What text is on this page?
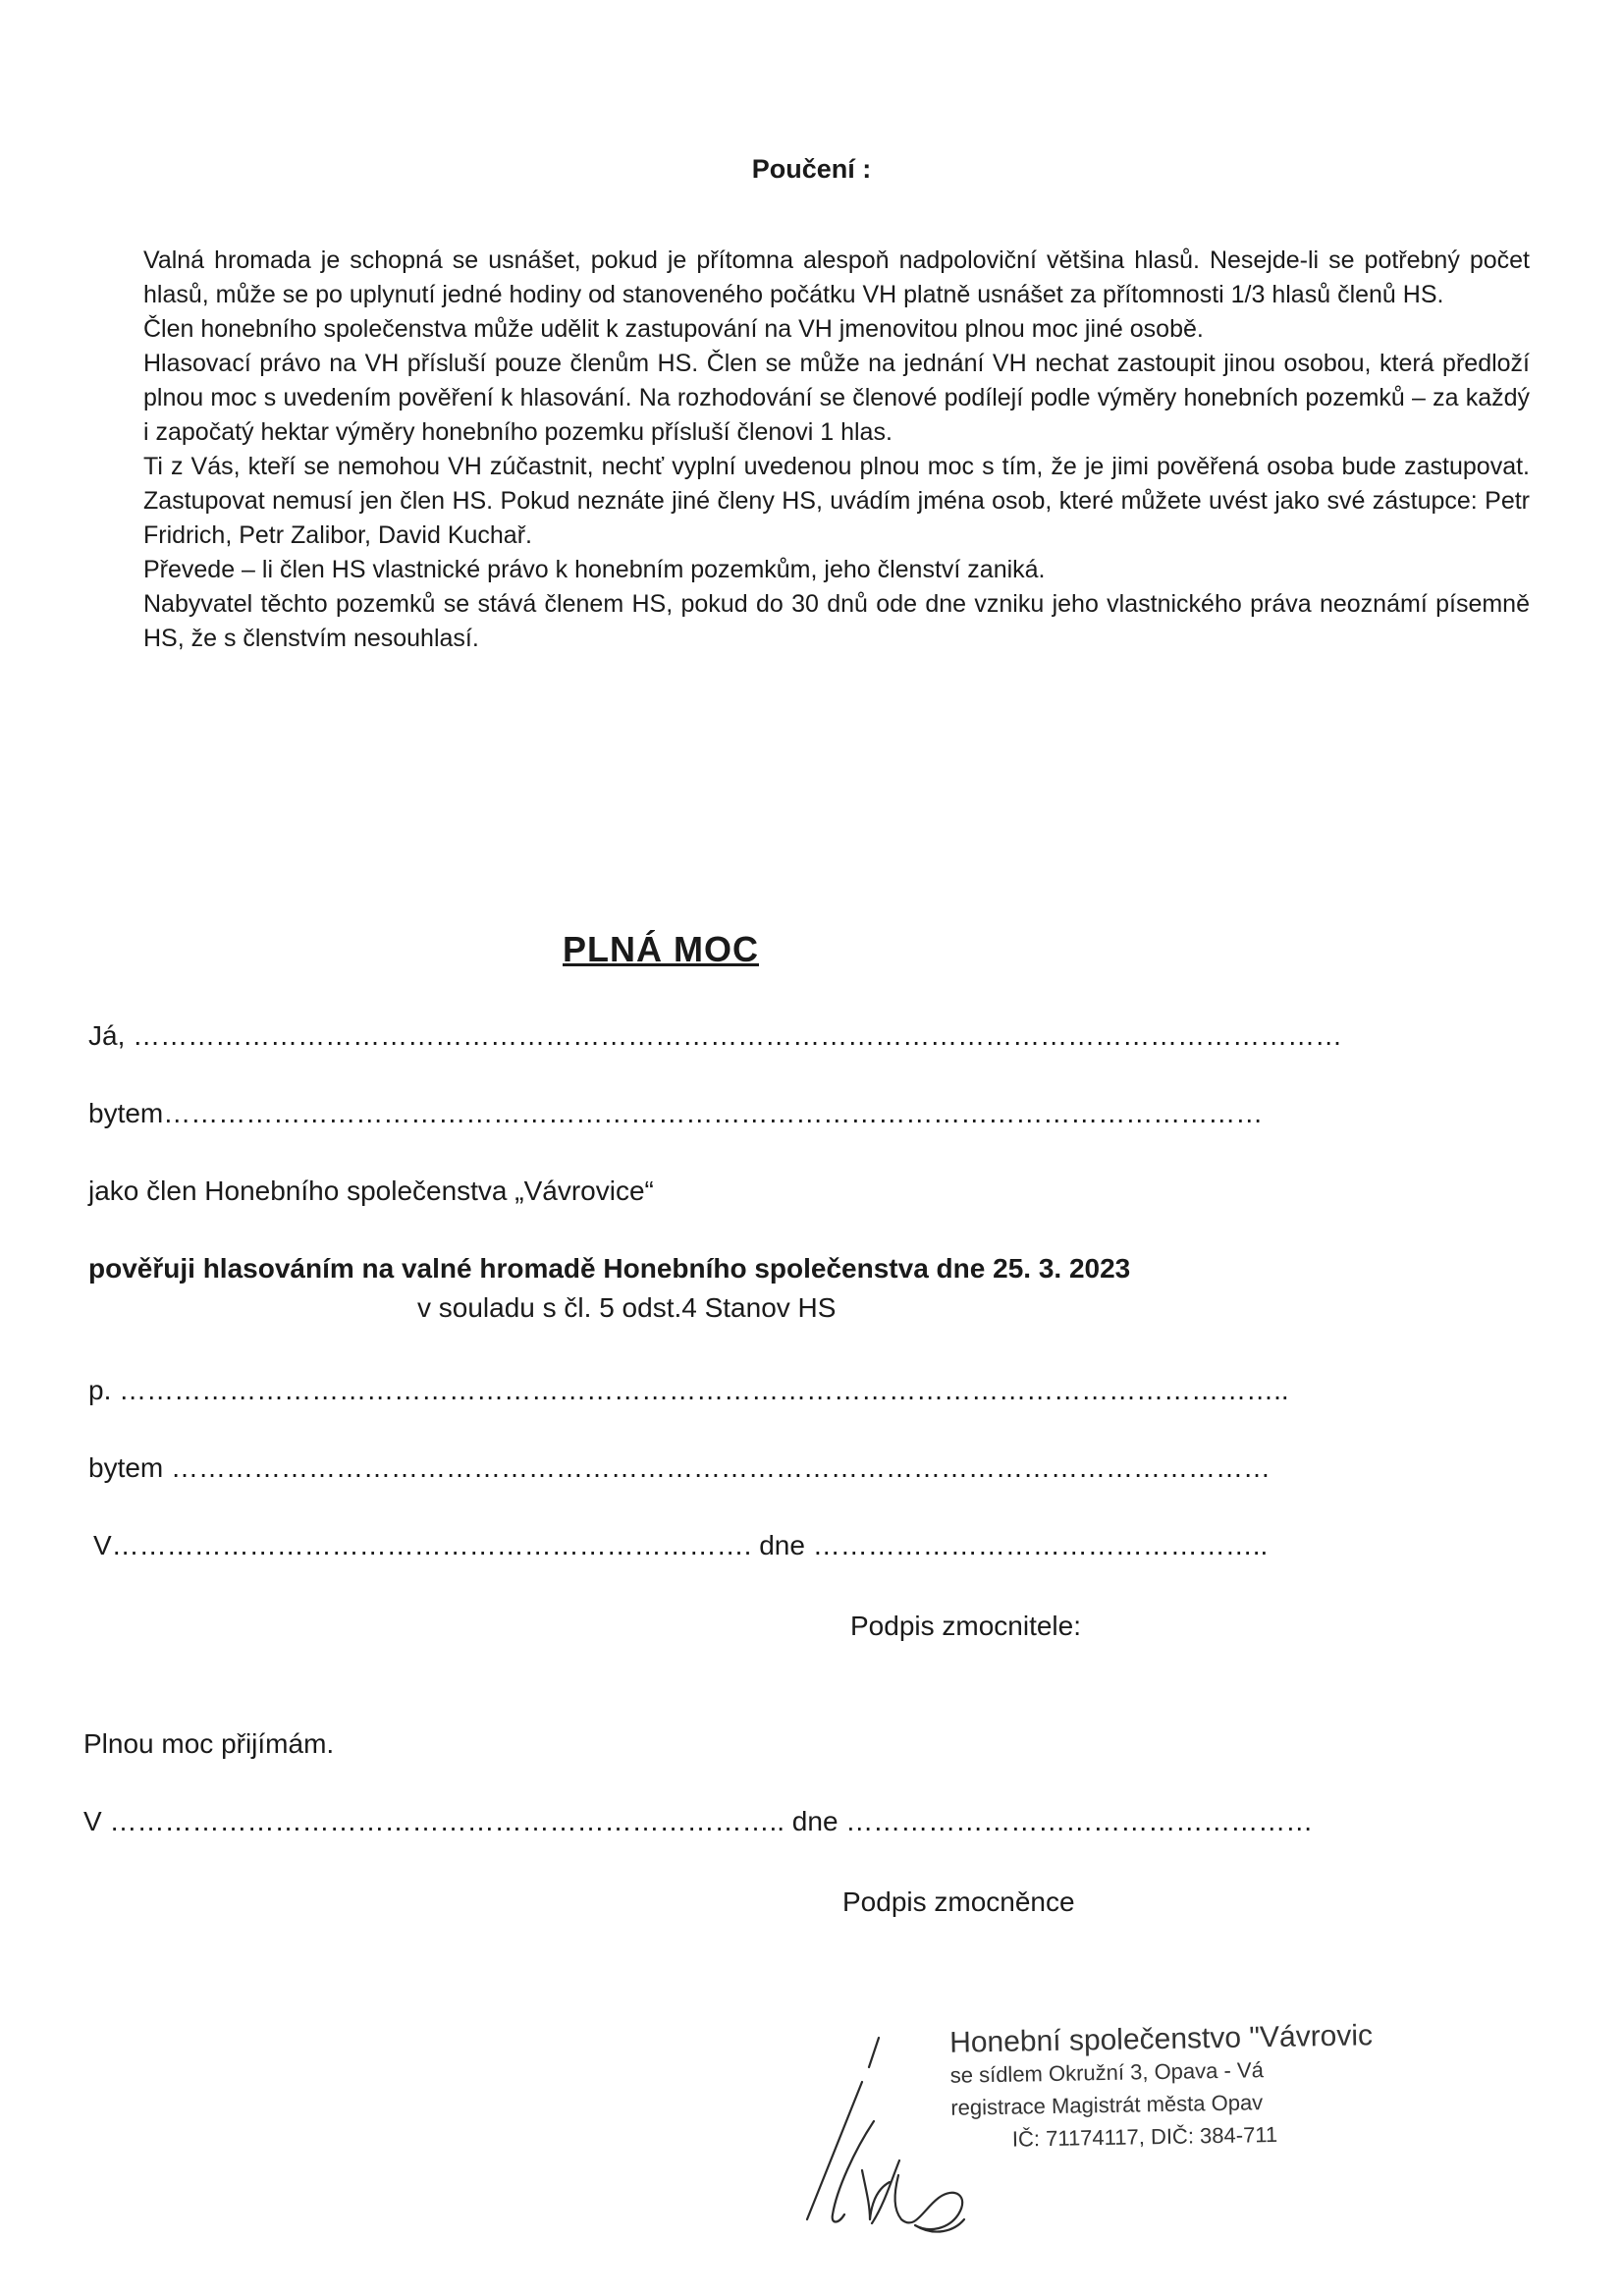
Poučení :

Valná hromada je schopná se usnášet, pokud je přítomna alespoň nadpoloviční většina hlasů. Nesejde-li se potřebný počet hlasů, může se po uplynutí jedné hodiny od stanoveného počátku VH platně usnášet za přítomnosti 1/3 hlasů členů HS.

Člen honebního společenstva může udělit k zastupování na VH jmenovitou plnou moc jiné osobě.

Hlasovací právo na VH přísluší pouze členům HS. Člen se může na jednání VH nechat zastoupit jinou osobou, která předloží plnou moc s uvedením pověření k hlasování. Na rozhodování se členové podílejí podle výměry honebních pozemků – za každý i započatý hektar výměry honebního pozemku přísluší členovi 1 hlas.

Ti z Vás, kteří se nemohou VH zúčastnit, nechť vyplní uvedenou plnou moc s tím, že je jimi pověřená osoba bude zastupovat. Zastupovat nemusí jen člen HS. Pokud neznáte jiné členy HS, uvádím jména osob, které můžete uvést jako své zástupce: Petr Fridrich, Petr Zalibor, David Kuchař.

Převede – li člen HS vlastnické právo k honebním pozemkům, jeho členství zaniká.

Nabyvatel těchto pozemků se stává členem HS, pokud do 30 dnů ode dne vzniku jeho vlastnického práva neoznámí písemně HS, že s členstvím nesouhlasí.

PLNÁ MOC
Já, ……………………………………………………………………………………………………………………
bytem…………………………………………………………………………………………………………
jako člen Honebního společenstva „Vávrovice“
pověřuji hlasováním na valné hromadě Honebního společenstva dne 25. 3. 2023
v souladu s čl. 5 odst.4 Stanov HS
p. ………………………………………………………………………………………………………………..
bytem …………………………………………………………………………………………………………
V……………………………………………………………. dne …………………………………………..
Podpis zmocnitele:
Plnou moc přijímám.
V ……………………………………………………………….. dne ……………………………………………
Podpis zmocněnce
Honební společenstvo "Vávrovic
se sídlem Okružní 3, Opava - Vá
registrace Magistrát města Opav
IČ: 71174117, DIČ: 384-711
